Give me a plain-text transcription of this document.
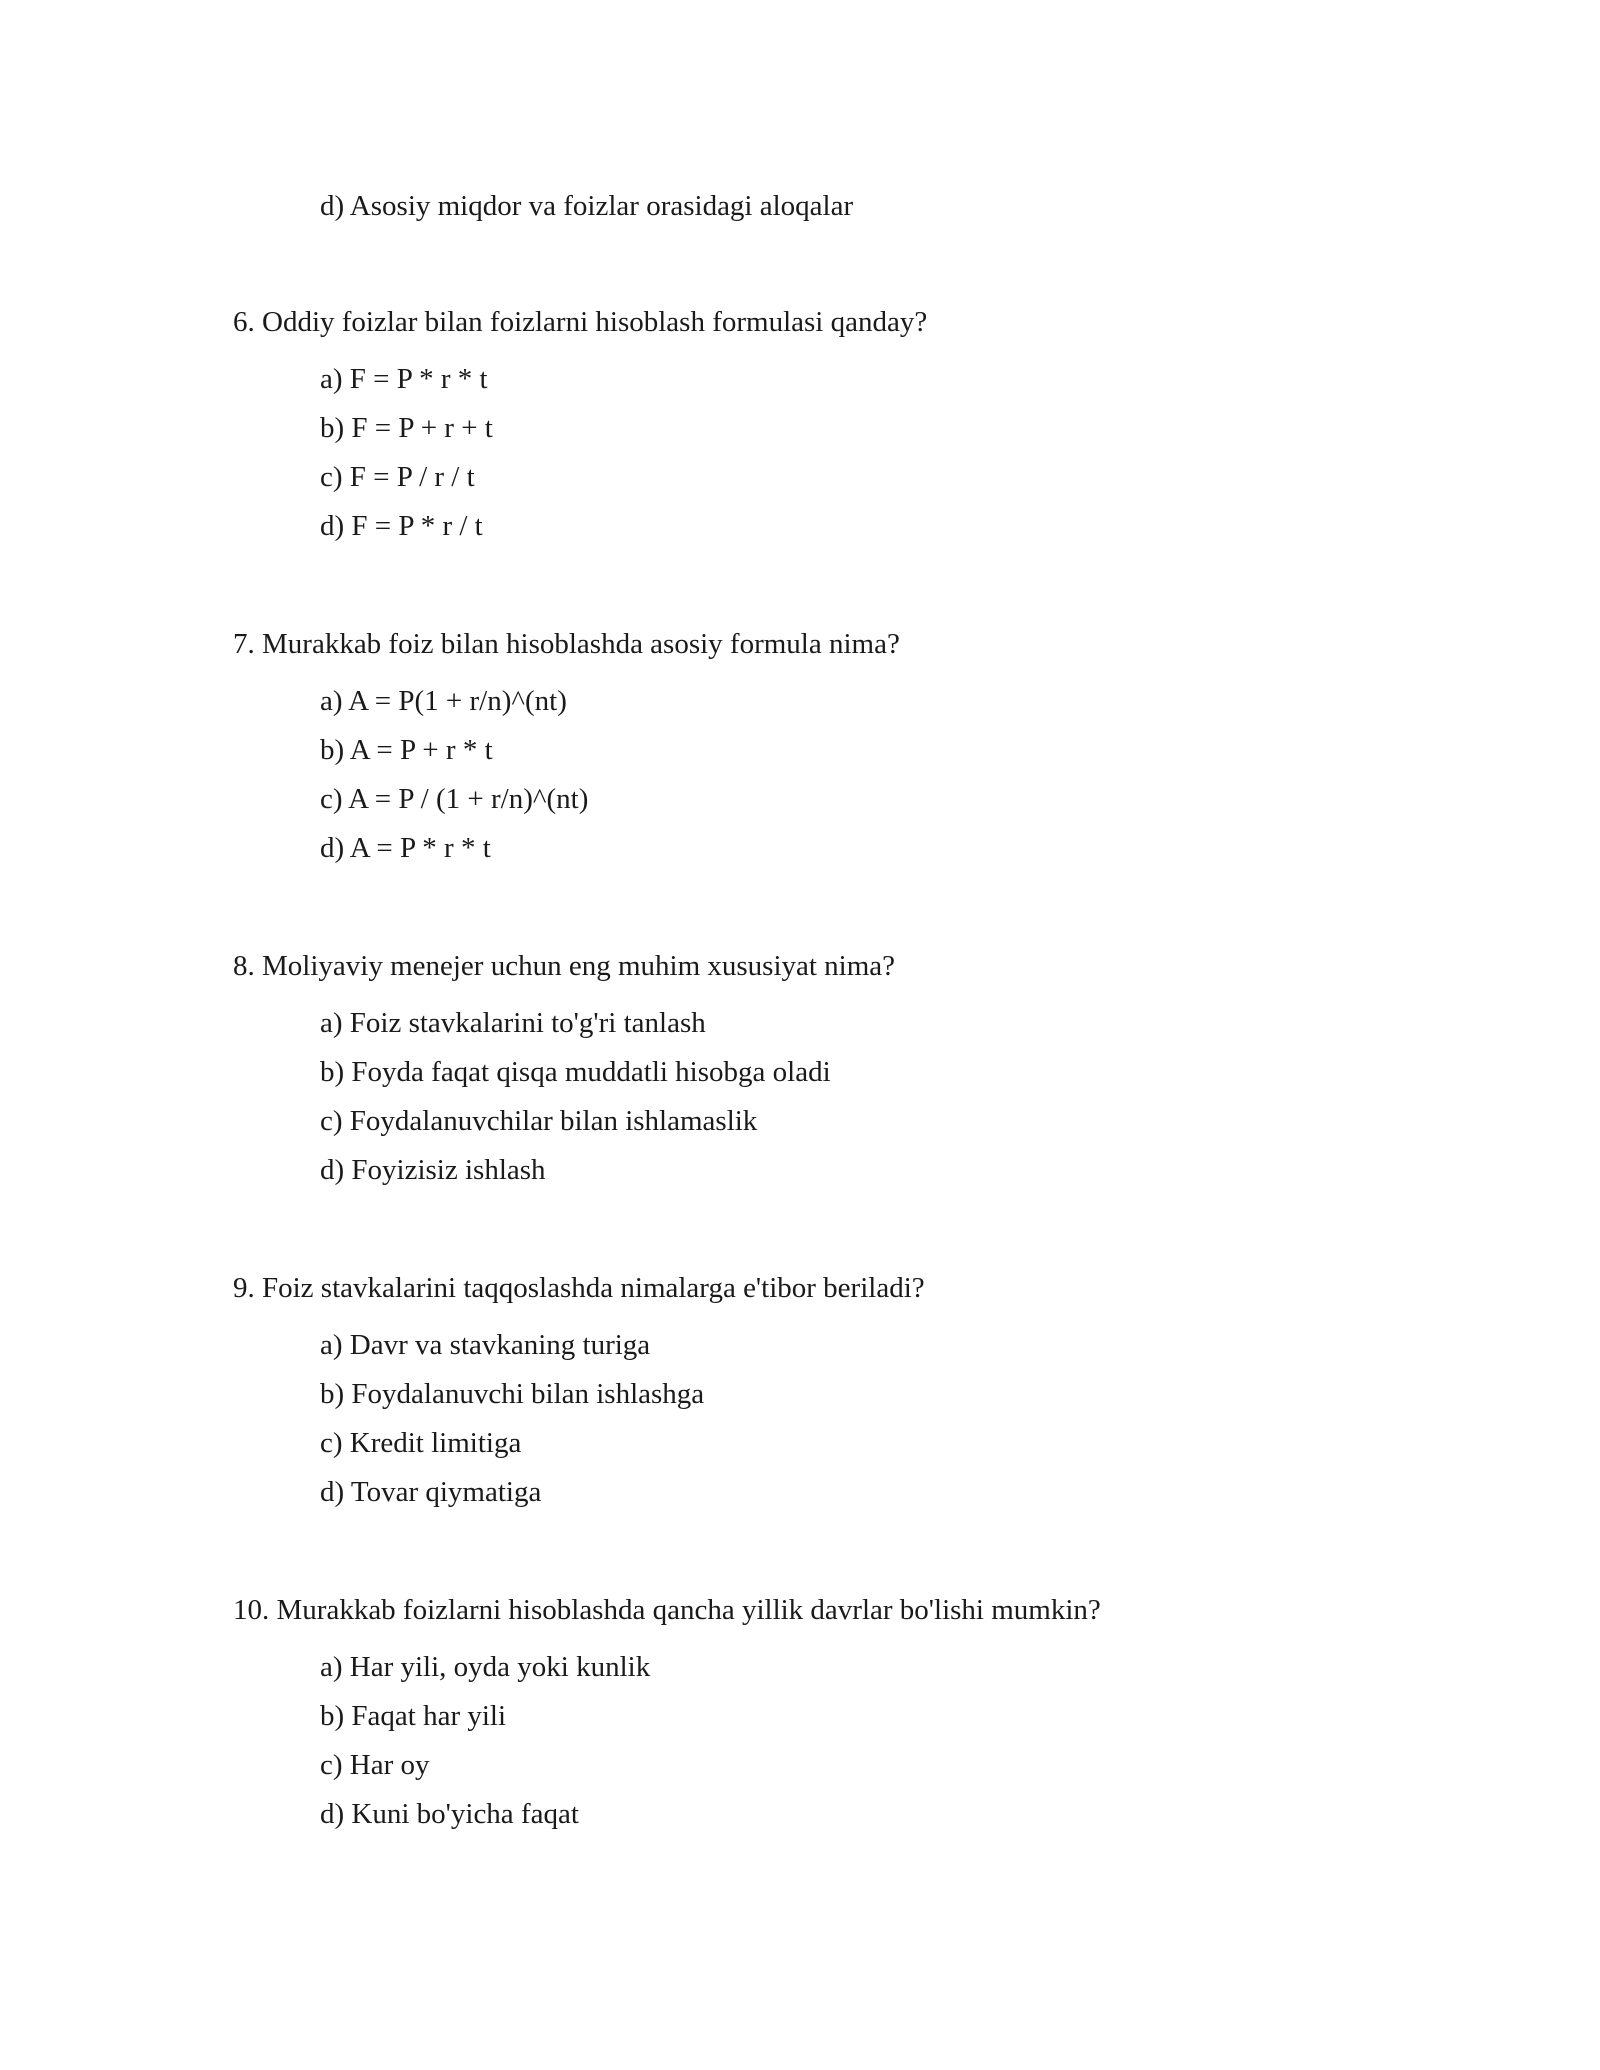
d) Asosiy miqdor va foizlar orasidagi aloqalar
6. Oddiy foizlar bilan foizlarni hisoblash formulasi qanday?
a) F = P * r * t
b) F = P + r + t
c) F = P / r / t
d) F = P * r / t
7. Murakkab foiz bilan hisoblashda asosiy formula nima?
a) A = P(1 + r/n)^(nt)
b) A = P + r * t
c) A = P / (1 + r/n)^(nt)
d) A = P * r * t
8. Moliyaviy menejer uchun eng muhim xususiyat nima?
a) Foiz stavkalarini to'g'ri tanlash
b) Foyda faqat qisqa muddatli hisobga oladi
c) Foydalanuvchilar bilan ishlamaslik
d) Foyizisiz ishlash
9. Foiz stavkalarini taqqoslashda nimalarga e'tibor beriladi?
a) Davr va stavkaning turiga
b) Foydalanuvchi bilan ishlashga
c) Kredit limitiga
d) Tovar qiymatiga
10. Murakkab foizlarni hisoblashda qancha yillik davrlar bo'lishi mumkin?
a) Har yili, oyda yoki kunlik
b) Faqat har yili
c) Har oy
d) Kuni bo'yicha faqat
